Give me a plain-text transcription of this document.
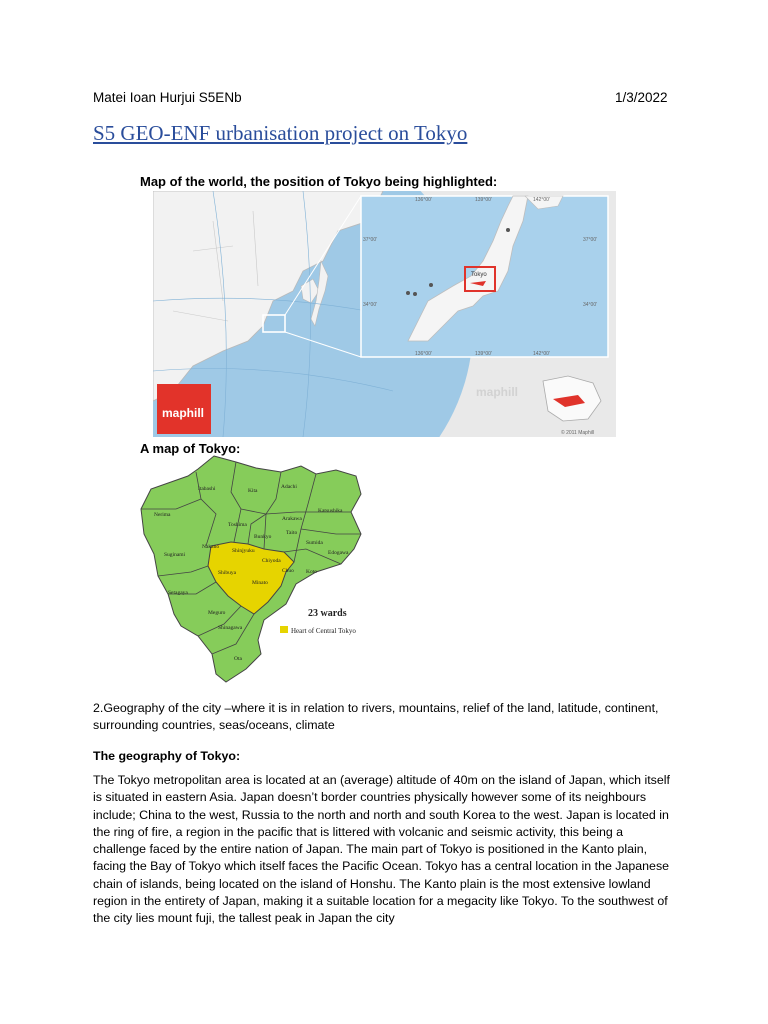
Matei Ioan Hurjui S5ENb	1/3/2022
S5 GEO-ENF urbanisation project on Tokyo
Map of the world, the position of Tokyo being highlighted:
maphill
Tokyo
136°00'	139°00'	142°00'
136°00'	139°00'	142°00'
37°00'
34°00'
37°00'
34°00'
maphill
© 2011 Maphill
A map of Tokyo:
Adachi
Kita
Itabashi
Nerima
Katsushika
Arakawa
Toshima
Taito
Bunkyo
Sumida
Nakano
Shinjyuku	Edogawa
Suginami
Chiyoda
Shibuya	Chuo Koto
Minato
Setagaya
Meguro
Shinagawa
Ota
23 wards
Heart of Central Tokyo
2.Geography of the city –where it is in relation to rivers, mountains, relief of the land, latitude, continent, surrounding countries, seas/oceans, climate
The geography of Tokyo:
The Tokyo metropolitan area is located at an (average) altitude of 40m on the island of Japan, which itself is situated in eastern Asia. Japan doesn’t border countries physically however some of its neighbours include; China to the west, Russia to the north and north and south Korea to the west. Japan is located in the ring of fire, a region in the pacific that is littered with volcanic and seismic activity, this being a challenge faced by the entire nation of Japan. The main part of Tokyo is positioned in the Kanto plain, facing the Bay of Tokyo which itself faces the Pacific Ocean. Tokyo has a central location in the Japanese chain of islands, being located on the island of Honshu. The Kanto plain is the most extensive lowland region in the entirety of Japan, making it a suitable location for a megacity like Tokyo. To the southwest of the city lies mount fuji, the tallest peak in Japan the city
